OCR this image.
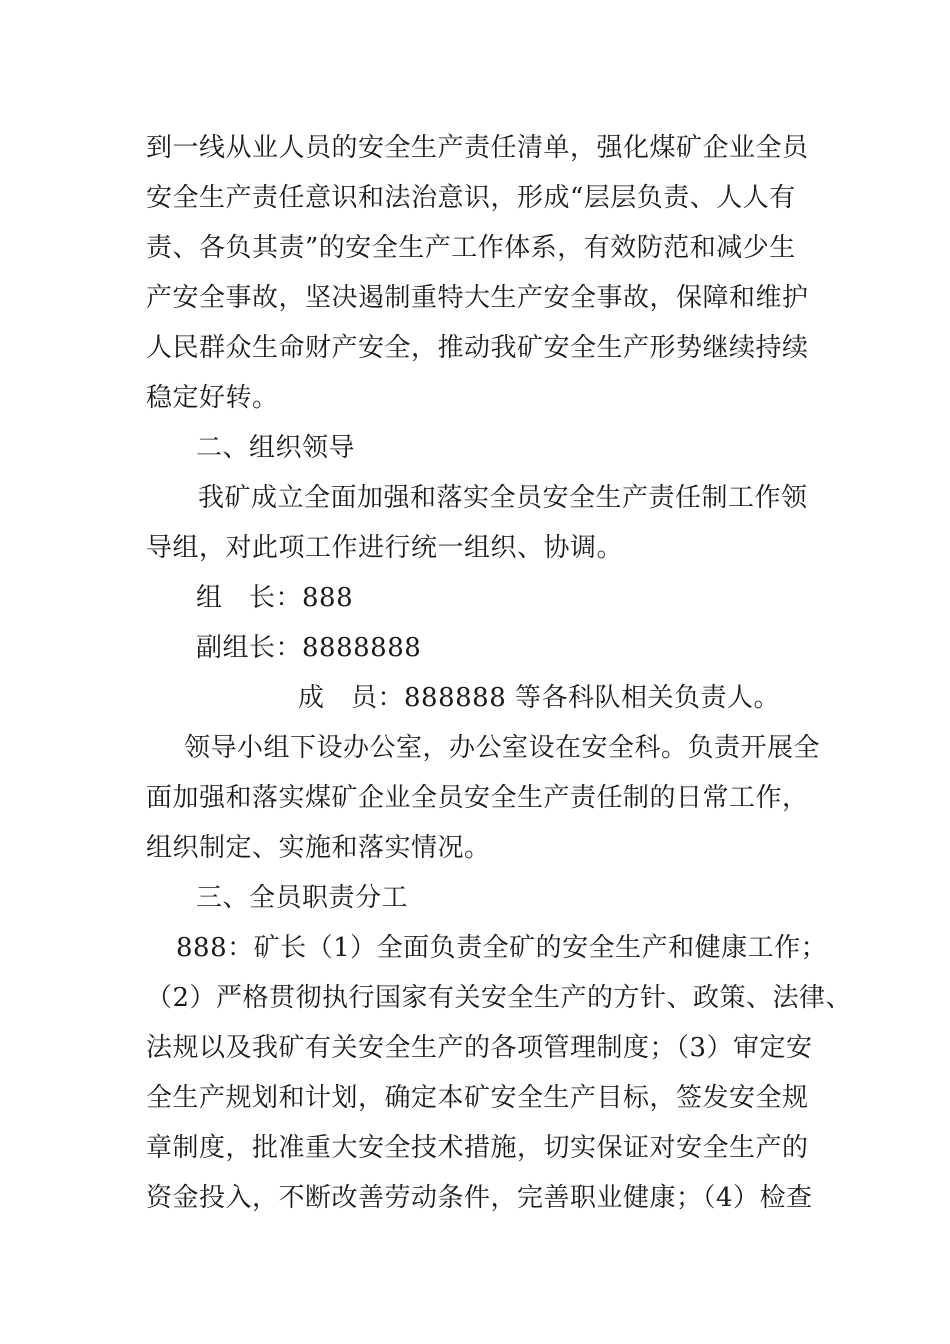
到一线从业人员的安全生产责任清单，强化煤矿企业全员
安全生产责任意识和法治意识，形成“层层负责、人人有
责、各负其责”的安全生产工作体系，有效防范和减少生
产安全事故，坚决遏制重特大生产安全事故，保障和维护
人民群众生命财产安全，推动我矿安全生产形势继续持续
稳定好转。
二、组织领导
我矿成立全面加强和落实全员安全生产责任制工作领
导组，对此项工作进行统一组织、协调。
组　长：888
副组长：8888888
成　员：888888 等各科队相关负责人。
领导小组下设办公室，办公室设在安全科。负责开展全
面加强和落实煤矿企业全员安全生产责任制的日常工作，
组织制定、实施和落实情况。
三、全员职责分工
888：矿长（1）全面负责全矿的安全生产和健康工作；
（2）严格贯彻执行国家有关安全生产的方针、政策、法律、
法规以及我矿有关安全生产的各项管理制度；（3）审定安
全生产规划和计划，确定本矿安全生产目标，签发安全规
章制度，批准重大安全技术措施，切实保证对安全生产的
资金投入，不断改善劳动条件，完善职业健康；（4）检查
